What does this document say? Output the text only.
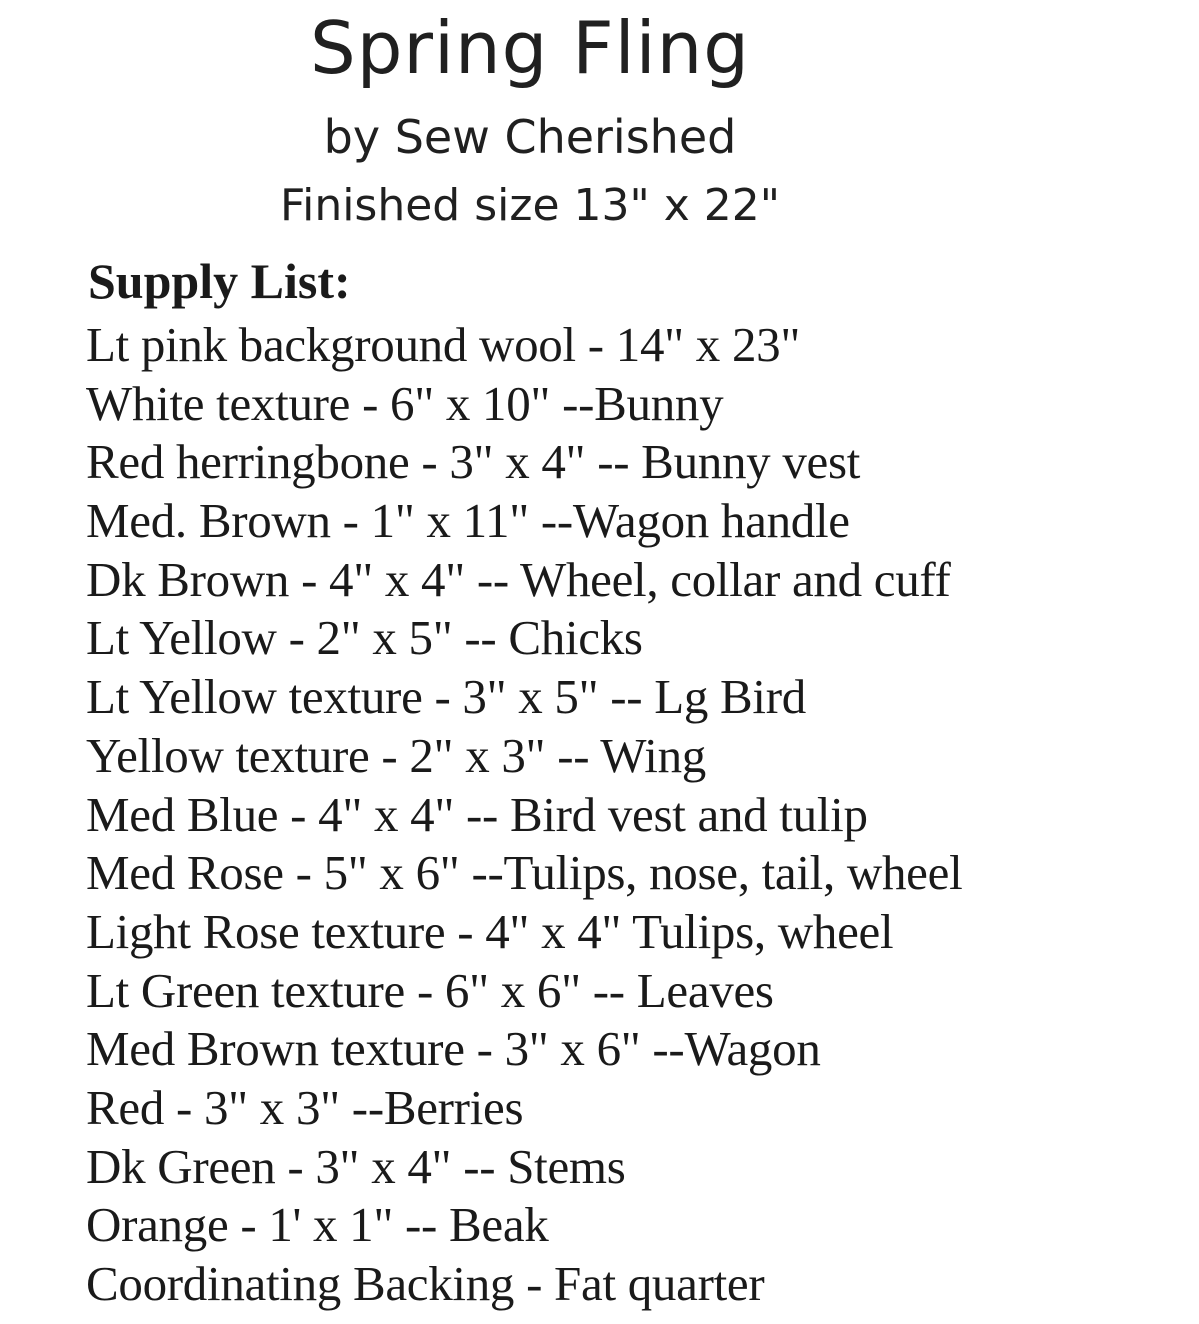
Spring Fling
by Sew Cherished
Finished size 13" x 22"
Supply List:
Lt pink background wool - 14" x 23"
White texture - 6" x 10" --Bunny
Red herringbone - 3" x 4" -- Bunny vest
Med. Brown - 1" x 11" --Wagon handle
Dk Brown - 4" x 4" -- Wheel, collar and cuff
Lt Yellow - 2" x 5" -- Chicks
Lt Yellow texture - 3" x 5" -- Lg Bird
Yellow texture - 2" x 3" -- Wing
Med Blue - 4" x 4" -- Bird vest and tulip
Med Rose - 5" x 6" --Tulips, nose, tail, wheel
Light Rose texture - 4" x 4" Tulips, wheel
Lt Green texture - 6" x 6" -- Leaves
Med Brown texture - 3" x 6" --Wagon
Red - 3" x 3" --Berries
Dk Green - 3" x 4" -- Stems
Orange - 1' x 1" -- Beak
Coordinating Backing - Fat quarter
